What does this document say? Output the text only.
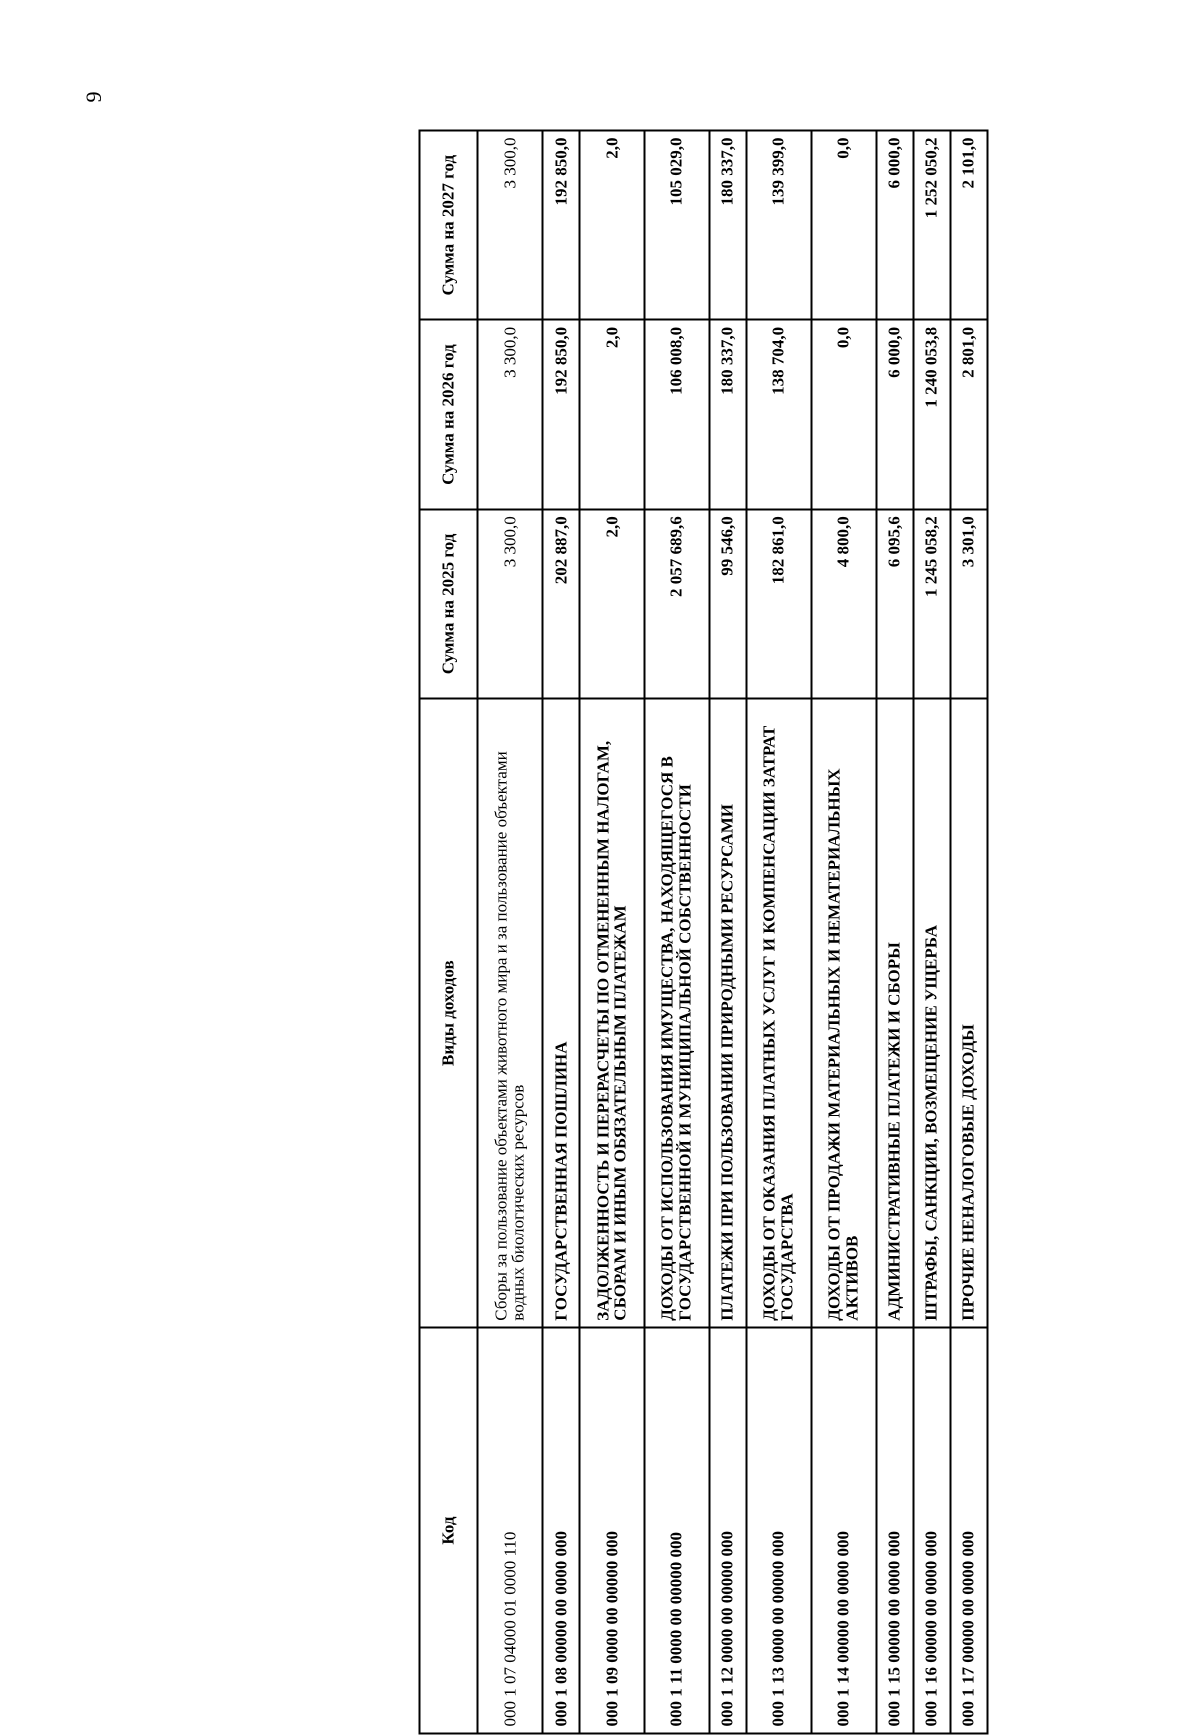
9
Код	Виды доходов	Сумма на 2025 год	Сумма на 2026 год	Сумма на 2027 год
000 1 07 04000 01 0000 110	Сборы за пользование объектами животного мира и за пользование объектами водных биологических ресурсов	3 300,0	3 300,0	3 300,0
000 1 08 00000 00 0000 000	ГОСУДАРСТВЕННАЯ ПОШЛИНА	202 887,0	192 850,0	192 850,0
000 1 09 0000 00 00000 000	ЗАДОЛЖЕННОСТЬ И ПЕРЕРАСЧЕТЫ ПО ОТМЕНЕННЫМ НАЛОГАМ, СБОРАМ И ИНЫМ ОБЯЗАТЕЛЬНЫМ ПЛАТЕЖАМ	2,0	2,0	2,0
000 1 11 0000 00 00000 000	ДОХОДЫ ОТ ИСПОЛЬЗОВАНИЯ ИМУЩЕСТВА, НАХОДЯЩЕГОСЯ В ГОСУДАРСТВЕННОЙ И МУНИЦИПАЛЬНОЙ СОБСТВЕННОСТИ	2 057 689,6	106 008,0	105 029,0
000 1 12 0000 00 00000 000	ПЛАТЕЖИ ПРИ ПОЛЬЗОВАНИИ ПРИРОДНЫМИ РЕСУРСАМИ	99 546,0	180 337,0	180 337,0
000 1 13 0000 00 00000 000	ДОХОДЫ ОТ ОКАЗАНИЯ ПЛАТНЫХ УСЛУГ И КОМПЕНСАЦИИ ЗАТРАТ ГОСУДАРСТВА	182 861,0	138 704,0	139 399,0
000 1 14 00000 00 0000 000	ДОХОДЫ ОТ ПРОДАЖИ МАТЕРИАЛЬНЫХ И НЕМАТЕРИАЛЬНЫХ АКТИВОВ	4 800,0	0,0	0,0
000 1 15 00000 00 0000 000	АДМИНИСТРАТИВНЫЕ ПЛАТЕЖИ И СБОРЫ	6 095,6	6 000,0	6 000,0
000 1 16 00000 00 0000 000	ШТРАФЫ, САНКЦИИ, ВОЗМЕЩЕНИЕ УЩЕРБА	1 245 058,2	1 240 053,8	1 252 050,2
000 1 17 00000 00 0000 000	ПРОЧИЕ НЕНАЛОГОВЫЕ ДОХОДЫ	3 301,0	2 801,0	2 101,0
